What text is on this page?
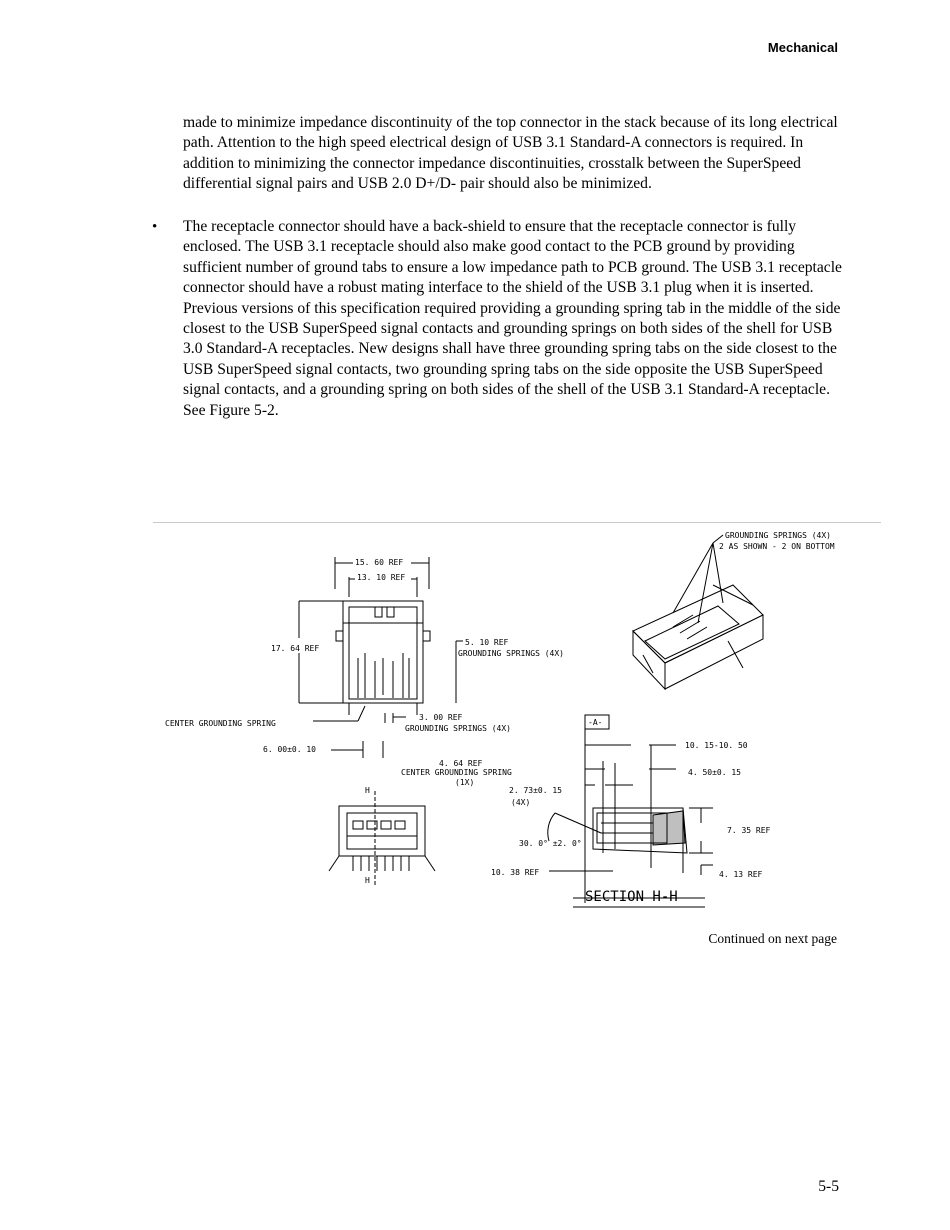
Mechanical

made to minimize impedance discontinuity of the top connector in the stack because of its long electrical path. Attention to the high speed electrical design of USB 3.1 Standard-A connectors is required. In addition to minimizing the connector impedance discontinuities, crosstalk between the SuperSpeed differential signal pairs and USB 2.0 D+/D- pair should also be minimized.

• The receptacle connector should have a back-shield to ensure that the receptacle connector is fully enclosed. The USB 3.1 receptacle should also make good contact to the PCB ground by providing sufficient number of ground tabs to ensure a low impedance path to PCB ground. The USB 3.1 receptacle connector should have a robust mating interface to the shield of the USB 3.1 plug when it is inserted. Previous versions of this specification required providing a grounding spring tab in the middle of the side closest to the USB SuperSpeed signal contacts and grounding springs on both sides of the shell for USB 3.0 Standard-A receptacles. New designs shall have three grounding spring tabs on the side closest to the USB SuperSpeed signal contacts, two grounding spring tabs on the side opposite the USB SuperSpeed signal contacts, and a grounding spring on both sides of the shell of the USB 3.1 Standard-A receptacle. See Figure 5-2.

15. 60 REF
13. 10 REF
17. 64 REF
5. 10 REF
GROUNDING SPRINGS (4X)
CENTER GROUNDING SPRING
3. 00 REF
GROUNDING SPRINGS (4X)
6. 00±0. 10
H
H
GROUNDING SPRINGS (4X)
2 AS SHOWN - 2 ON BOTTOM
-A-
10. 15-10. 50
4. 64 REF
CENTER GROUNDING SPRING
(1X)
4. 50±0. 15
2. 73±0. 15
(4X)
30. 0° ±2. 0°
7. 35 REF
10. 38 REF	4. 13 REF
SECTION H-H
Continued on next page
5-5
